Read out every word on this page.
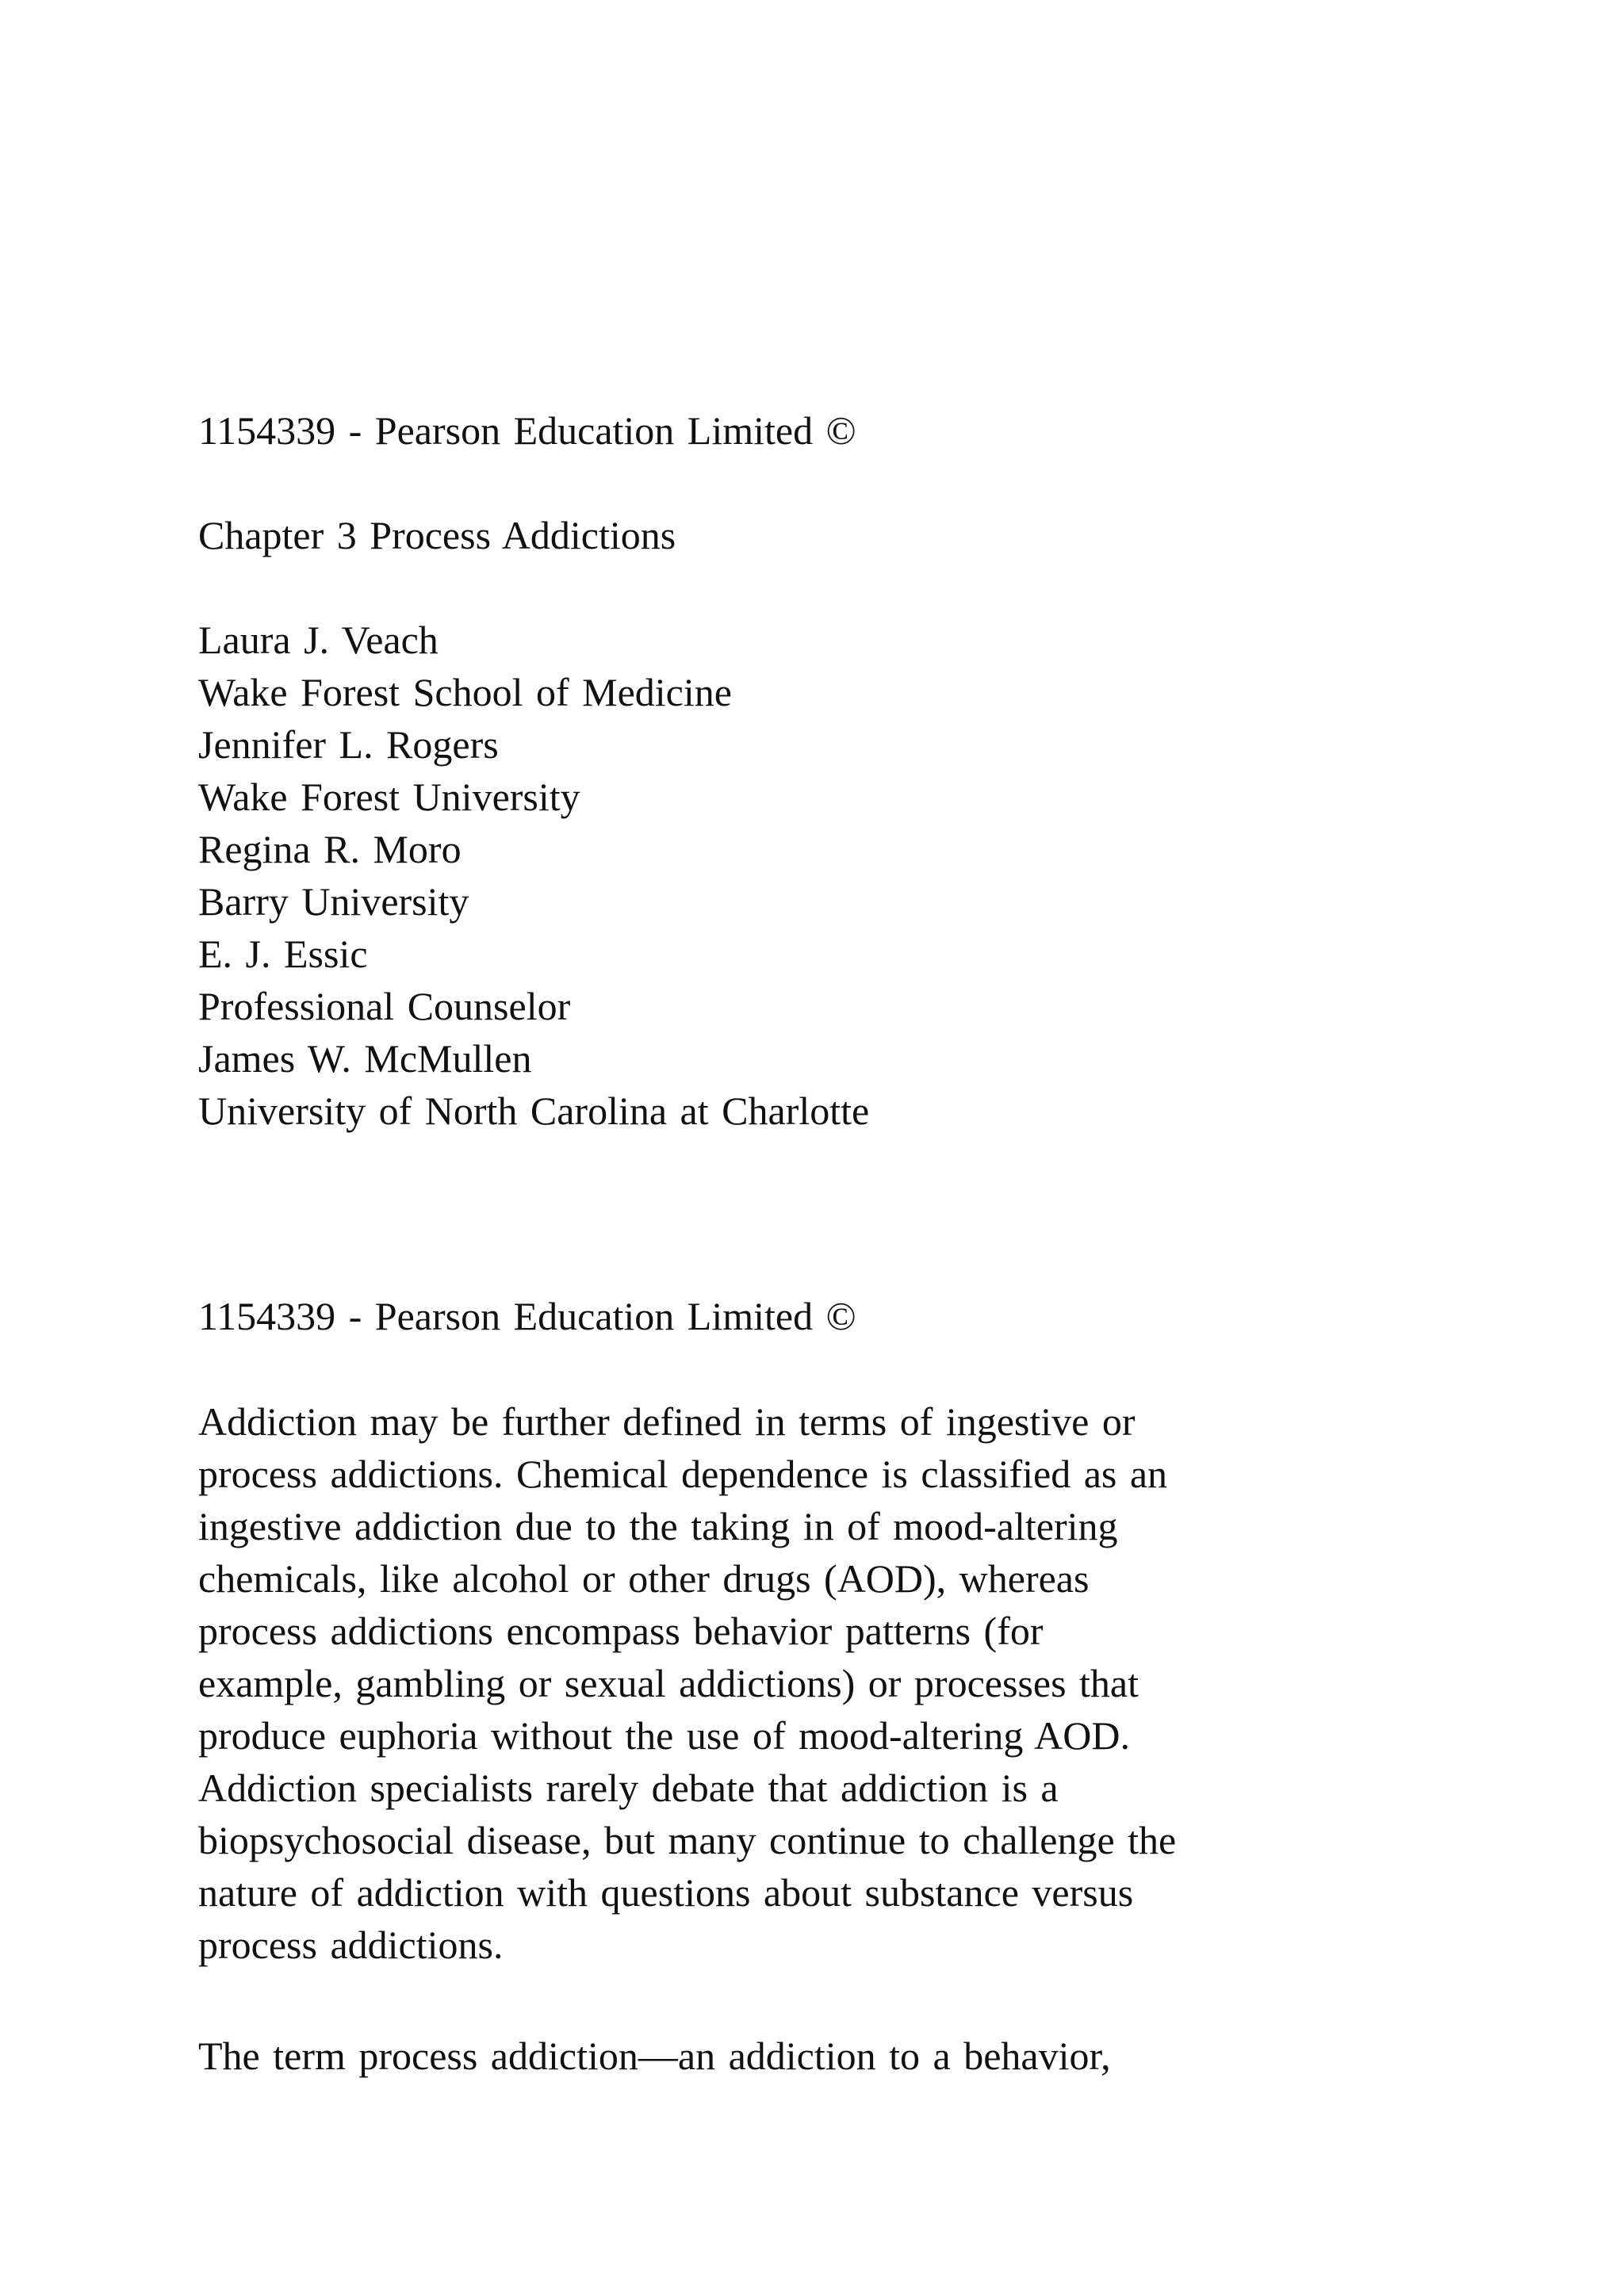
1154339 - Pearson Education Limited ©

Chapter 3 Process Addictions
Laura J. Veach
Wake Forest School of Medicine
Jennifer L. Rogers
Wake Forest University
Regina R. Moro
Barry University
E. J. Essic
Professional Counselor
James W. McMullen
University of North Carolina at Charlotte

1154339 - Pearson Education Limited ©

Addiction may be further defined in terms of ingestive or
process addictions. Chemical dependence is classified as an
ingestive addiction due to the taking in of mood-altering
chemicals, like alcohol or other drugs (AOD), whereas
process addictions encompass behavior patterns (for
example, gambling or sexual addictions) or processes that
produce euphoria without the use of mood-altering AOD.
Addiction specialists rarely debate that addiction is a
biopsychosocial disease, but many continue to challenge the
nature of addiction with questions about substance versus
process addictions.

The term process addiction—an addiction to a behavior,
